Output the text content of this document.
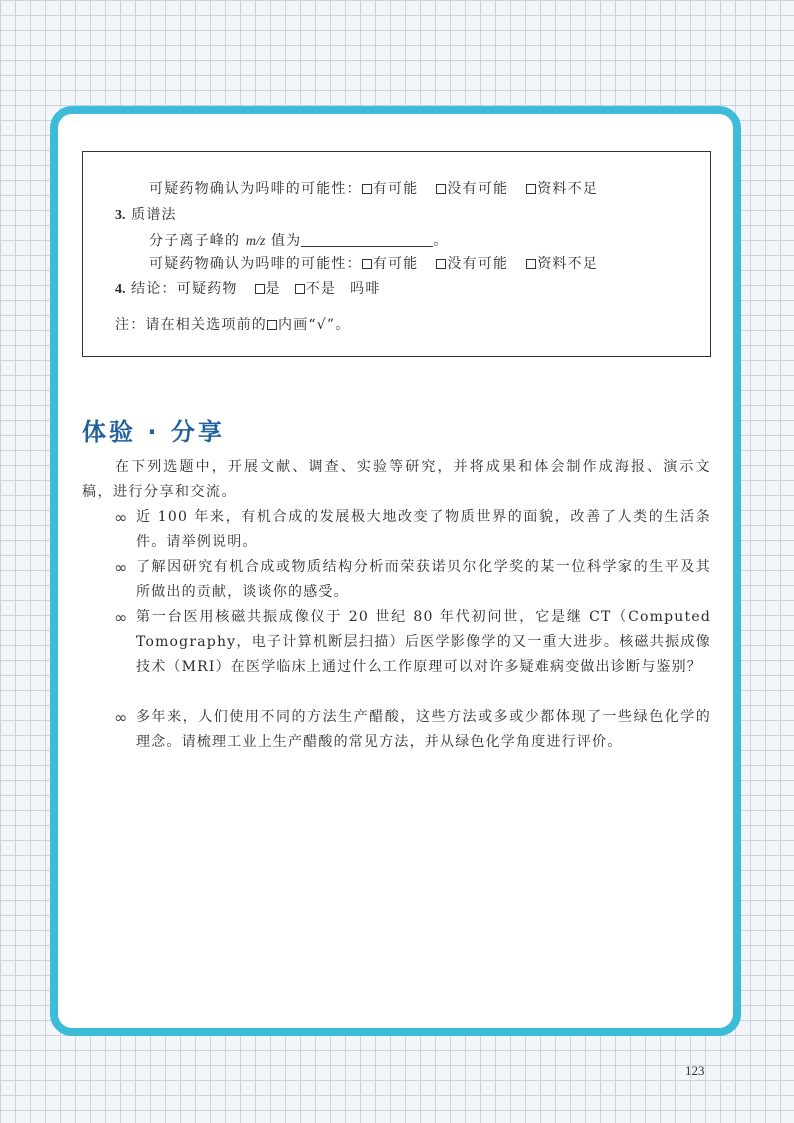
可疑药物确认为吗啡的可能性： 有可能 没有可能 资料不足
3. 质谱法
分子离子峰的 m/z 值为	。
可疑药物确认为吗啡的可能性： 有可能 没有可能 资料不足
4. 结论：可疑药物 是 不是 吗啡
注：请在相关选项前的 内画“√”。
体验 · 分享
在下列选题中，开展文献、调查、实验等研究，并将成果和体会制作成海报、演示文稿，进行分享和交流。
∞ 近 100 年来，有机合成的发展极大地改变了物质世界的面貌，改善了人类的生活条件。请举例说明。
∞ 了解因研究有机合成或物质结构分析而荣获诺贝尔化学奖的某一位科学家的生平及其所做出的贡献，谈谈你的感受。
∞ 第一台医用核磁共振成像仪于 20 世纪 80 年代初问世，它是继 CT（Computed Tomography，电子计算机断层扫描）后医学影像学的又一重大进步。核磁共振成像技术（MRI）在医学临床上通过什么工作原理可以对许多疑难病变做出诊断与鉴别？
∞ 多年来，人们使用不同的方法生产醋酸，这些方法或多或少都体现了一些绿色化学的理念。请梳理工业上生产醋酸的常见方法，并从绿色化学角度进行评价。
123
